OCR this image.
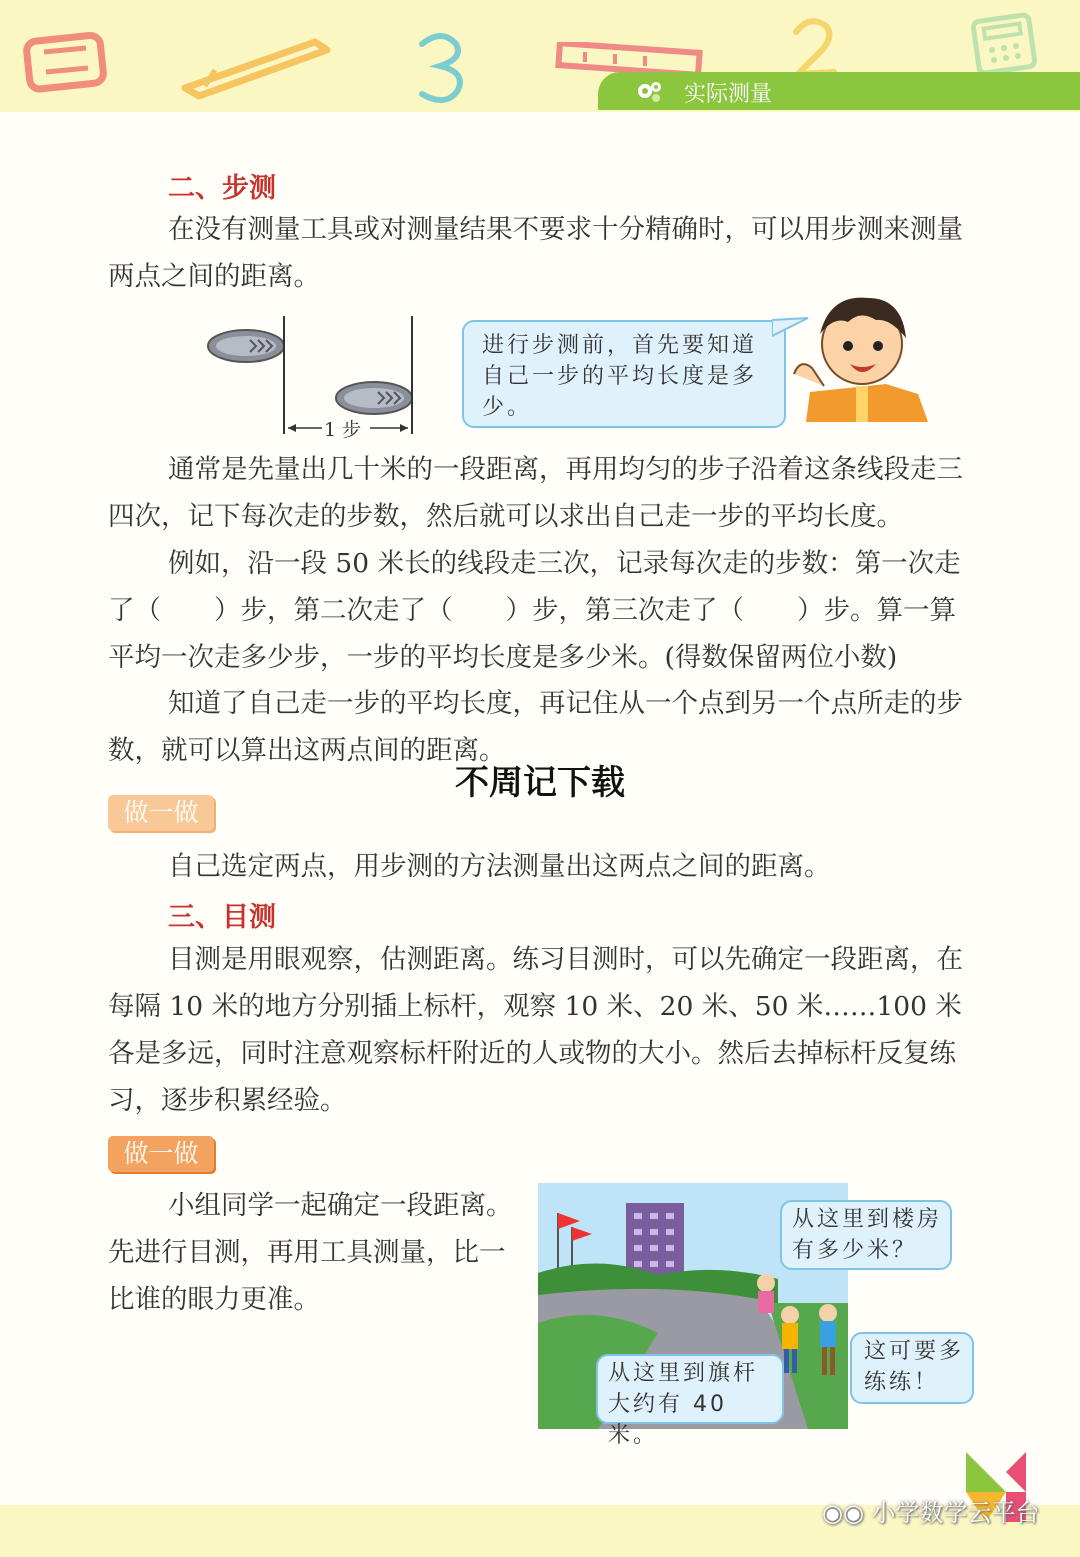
实际测量
二、步测

在没有测量工具或对测量结果不要求十分精确时，可以用步测来测量两点之间的距离。

1 步
进行步测前，首先要知道自己一步的平均长度是多少。

通常是先量出几十米的一段距离，再用均匀的步子沿着这条线段走三四次，记下每次走的步数，然后就可以求出自己走一步的平均长度。

例如，沿一段 50 米长的线段走三次，记录每次走的步数：第一次走了（　　）步，第二次走了（　　）步，第三次走了（　　）步。算一算平均一次走多少步，一步的平均长度是多少米。(得数保留两位小数)

知道了自己走一步的平均长度，再记住从一个点到另一个点所走的步数，就可以算出这两点间的距离。

不周记下载
做一做

自己选定两点，用步测的方法测量出这两点之间的距离。

三、目测

目测是用眼观察，估测距离。练习目测时，可以先确定一段距离，在每隔 10 米的地方分别插上标杆，观察 10 米、20 米、50 米……100 米各是多远，同时注意观察标杆附近的人或物的大小。然后去掉标杆反复练习，逐步积累经验。

做一做

小组同学一起确定一段距离。先进行目测，再用工具测量，比一比谁的眼力更准。

从这里到楼房有多少米？
从这里到旗杆大约有 40 米。
这可要多练练！
◉◉ 小学数学云平台
